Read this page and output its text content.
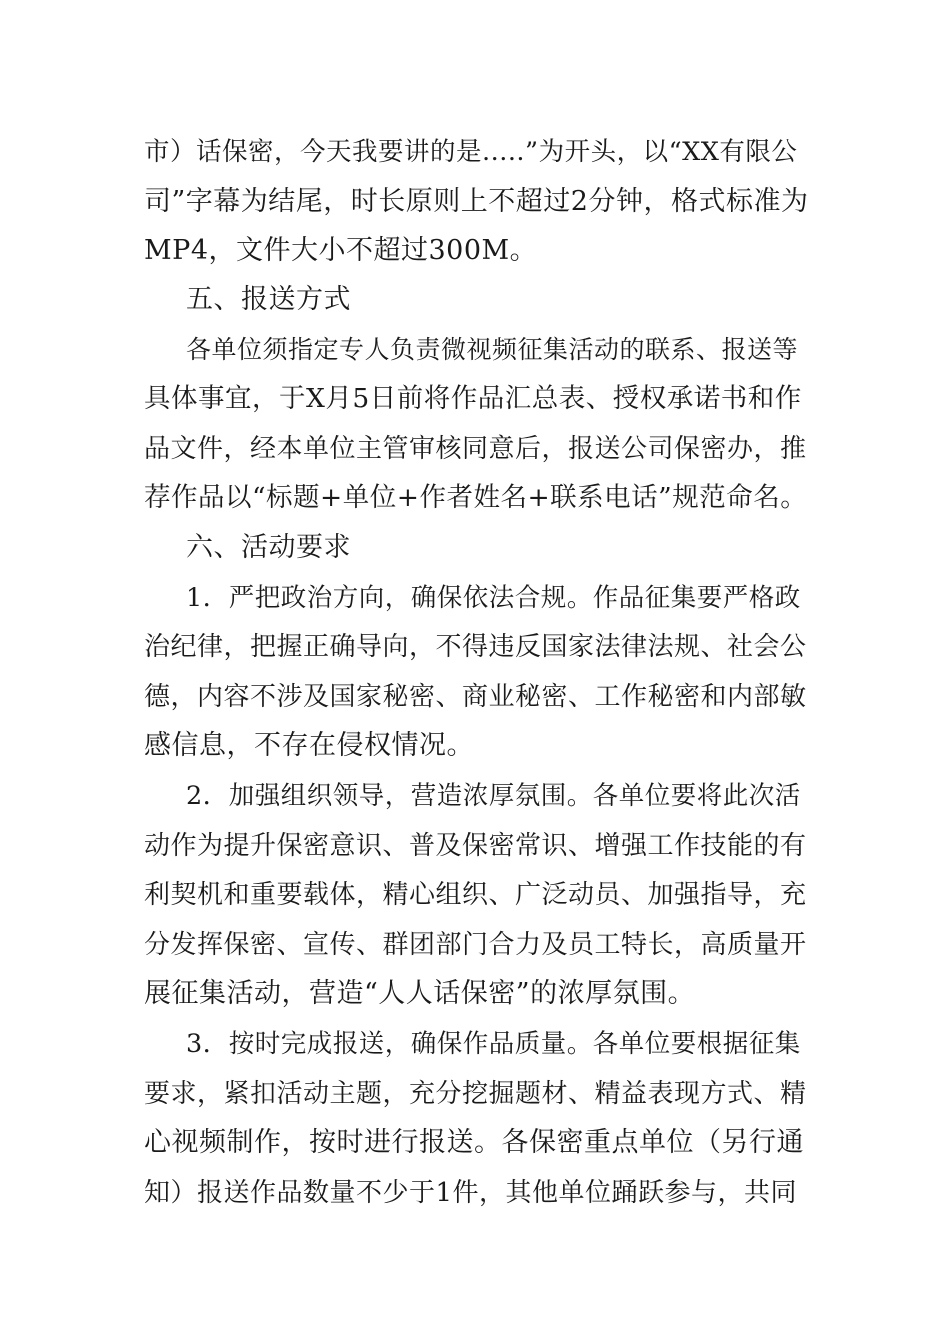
市）话保密，今天我要讲的是.....”为开头，以“XX有限公

司”字幕为结尾，时长原则上不超过2分钟，格式标准为

MP4，文件大小不超过300M。

五、报送方式

各单位须指定专人负责微视频征集活动的联系、报送等

具体事宜，于X月5日前将作品汇总表、授权承诺书和作

品文件，经本单位主管审核同意后，报送公司保密办，推

荐作品以“标题+单位+作者姓名+联系电话”规范命名。

六、活动要求

1．严把政治方向，确保依法合规。作品征集要严格政

治纪律，把握正确导向，不得违反国家法律法规、社会公

德，内容不涉及国家秘密、商业秘密、工作秘密和内部敏

感信息，不存在侵权情况。

2．加强组织领导，营造浓厚氛围。各单位要将此次活

动作为提升保密意识、普及保密常识、增强工作技能的有

利契机和重要载体，精心组织、广泛动员、加强指导，充

分发挥保密、宣传、群团部门合力及员工特长，高质量开

展征集活动，营造“人人话保密”的浓厚氛围。

3．按时完成报送，确保作品质量。各单位要根据征集

要求，紧扣活动主题，充分挖掘题材、精益表现方式、精

心视频制作，按时进行报送。各保密重点单位（另行通

知）报送作品数量不少于1件，其他单位踊跃参与，共同
